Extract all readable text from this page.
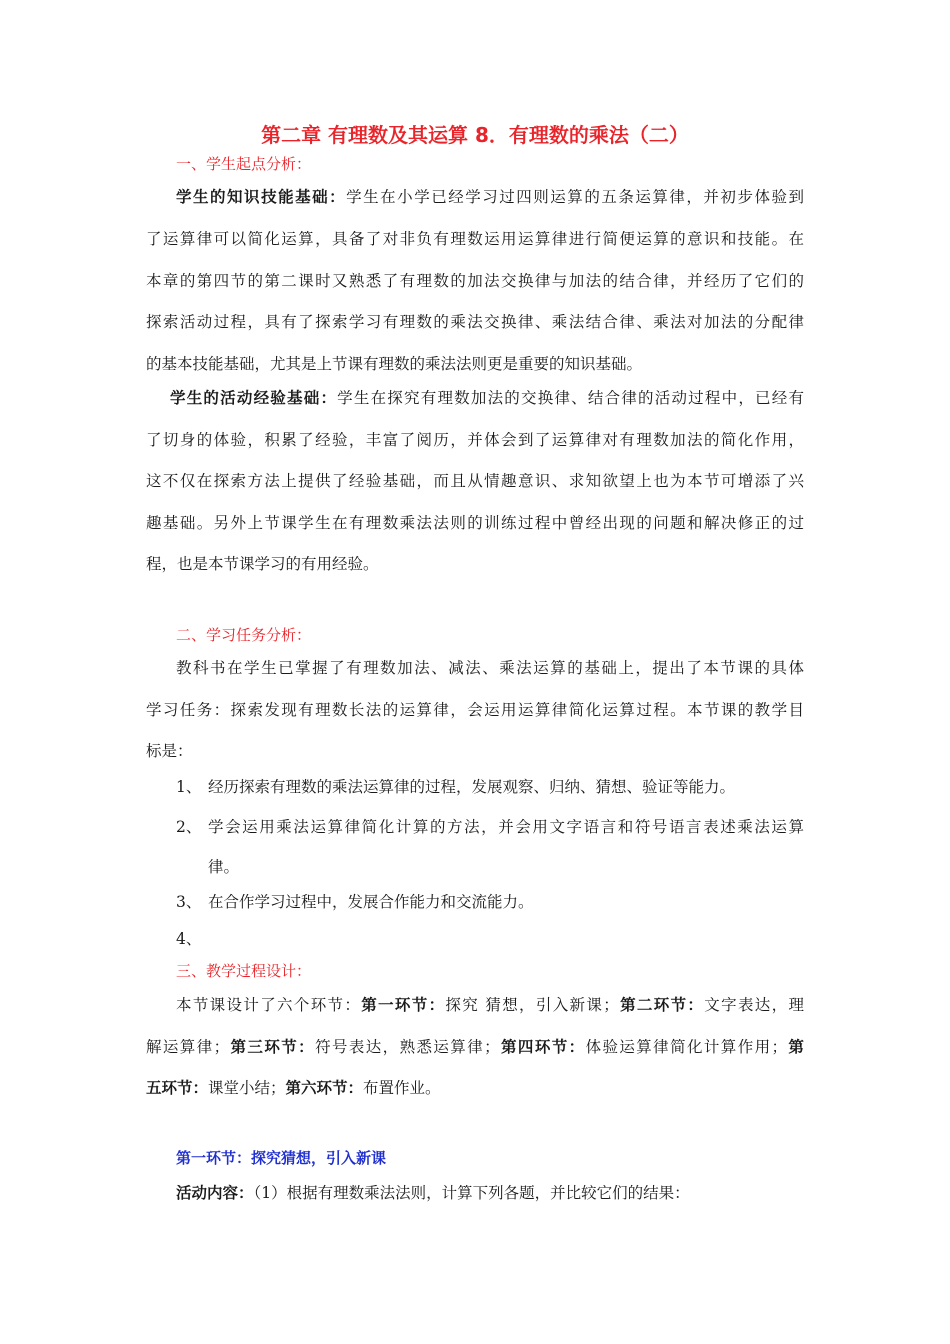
第二章 有理数及其运算 8．有理数的乘法（二）
一、学生起点分析：
学生的知识技能基础：学生在小学已经学习过四则运算的五条运算律，并初步体验到
了运算律可以简化运算，具备了对非负有理数运用运算律进行简便运算的意识和技能。在
本章的第四节的第二课时又熟悉了有理数的加法交换律与加法的结合律，并经历了它们的
探索活动过程，具有了探索学习有理数的乘法交换律、乘法结合律、乘法对加法的分配律
的基本技能基础，尤其是上节课有理数的乘法法则更是重要的知识基础。
学生的活动经验基础：学生在探究有理数加法的交换律、结合律的活动过程中，已经有
了切身的体验，积累了经验，丰富了阅历，并体会到了运算律对有理数加法的简化作用，
这不仅在探索方法上提供了经验基础，而且从情趣意识、求知欲望上也为本节可增添了兴
趣基础。另外上节课学生在有理数乘法法则的训练过程中曾经出现的问题和解决修正的过
程，也是本节课学习的有用经验。
二、学习任务分析：
教科书在学生已掌握了有理数加法、减法、乘法运算的基础上，提出了本节课的具体
学习任务：探索发现有理数长法的运算律，会运用运算律简化运算过程。本节课的教学目
标是：
1、 经历探索有理数的乘法运算律的过程，发展观察、归纳、猜想、验证等能力。
2、 学会运用乘法运算律简化计算的方法，并会用文字语言和符号语言表述乘法运算
律。
3、 在合作学习过程中，发展合作能力和交流能力。
4、
三、教学过程设计：
本节课设计了六个环节：第一环节：探究 猜想，引入新课；第二环节：文字表达，理
解运算律；第三环节：符号表达，熟悉运算律；第四环节：体验运算律简化计算作用；第
五环节：课堂小结；第六环节：布置作业。
第一环节：探究猜想，引入新课
活动内容：（1）根据有理数乘法法则，计算下列各题，并比较它们的结果：
